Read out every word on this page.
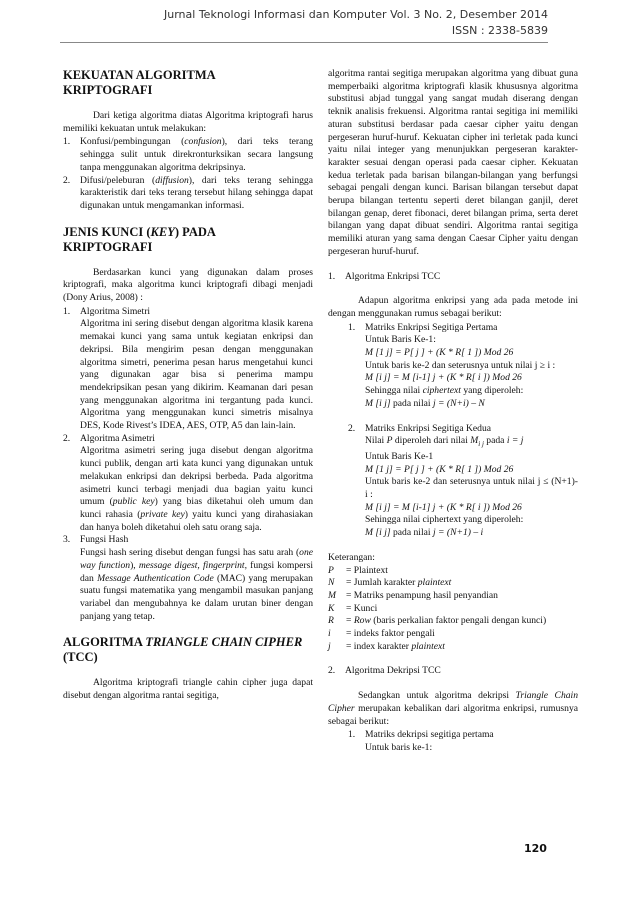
Jurnal Teknologi Informasi dan Komputer Vol. 3 No. 2, Desember 2014
ISSN : 2338-5839
KEKUATAN ALGORITMA
KRIPTOGRAFI

Dari ketiga algoritma diatas Algoritma kriptografi harus memiliki kekuatan untuk melakukan:

1. Konfusi/pembingungan (confusion), dari teks terang sehingga sulit untuk direkronturksikan secara langsung tanpa menggunakan algoritma dekripsinya.
2. Difusi/peleburan (diffusion), dari teks terang sehingga karakteristik dari teks terang tersebut hilang sehingga dapat digunakan untuk mengamankan informasi.
JENIS KUNCI (KEY) PADA
KRIPTOGRAFI

Berdasarkan kunci yang digunakan dalam proses kriptografi, maka algoritma kunci kriptografi dibagi menjadi (Dony Arius, 2008) :

1. Algoritma Simetri
Algoritma ini sering disebut dengan algoritma klasik karena memakai kunci yang sama untuk kegiatan enkripsi dan dekripsi. Bila mengirim pesan dengan menggunakan algoritma simetri, penerima pesan harus mengetahui kunci yang digunakan agar bisa si penerima mampu mendekripsikan pesan yang dikirim. Keamanan dari pesan yang menggunakan algoritma ini tergantung pada kunci. Algoritma yang menggunakan kunci simetris misalnya DES, Kode Rivest’s IDEA, AES, OTP, A5 dan lain-lain.
2. Algoritma Asimetri
Algoritma asimetri sering juga disebut dengan algoritma kunci publik, dengan arti kata kunci yang digunakan untuk melakukan enkripsi dan dekripsi berbeda. Pada algoritma asimetri kunci terbagi menjadi dua bagian yaitu kunci umum (public key) yang bias diketahui oleh umum dan kunci rahasia (private key) yaitu kunci yang dirahasiakan dan hanya boleh diketahui oleh satu orang saja.
3. Fungsi Hash
Fungsi hash sering disebut dengan fungsi has satu arah (one way function), message digest, fingerprint, fungsi kompersi dan Message Authentication Code (MAC) yang merupakan suatu fungsi matematika yang mengambil masukan panjang variabel dan mengubahnya ke dalam urutan biner dengan panjang yang tetap.
ALGORITMA TRIANGLE CHAIN CIPHER (TCC)

Algoritma kriptografi triangle cahin cipher juga dapat disebut dengan algoritma rantai segitiga,

algoritma rantai segitiga merupakan algoritma yang dibuat guna memperbaiki algoritma kriptografi klasik khususnya algoritma substitusi abjad tunggal yang sangat mudah diserang dengan teknik analisis frekuensi. Algoritma rantai segitiga ini memiliki aturan substitusi berdasar pada caesar cipher yaitu dengan pergeseran huruf-huruf. Kekuatan cipher ini terletak pada kunci yaitu nilai integer yang menunjukkan pergeseran karakter-karakter sesuai dengan operasi pada caesar cipher. Kekuatan kedua terletak pada barisan bilangan-bilangan yang berfungsi sebagai pengali dengan kunci. Barisan bilangan tersebut dapat berupa bilangan tertentu seperti deret bilangan ganjil, deret bilangan genap, deret fibonaci, deret bilangan prima, serta deret bilangan yang dapat dibuat sendiri. Algoritma rantai segitiga memiliki aturan yang sama dengan Caesar Cipher yaitu dengan pergeseran huruf-huruf.

1. Algoritma Enkripsi TCC

Adapun algoritma enkripsi yang ada pada metode ini dengan menggunakan rumus sebagai berikut:

1. Matriks Enkripsi Segitiga Pertama
Untuk Baris Ke-1:
M [1 j] = P[ j ] + (K * R[ 1 ]) Mod 26
Untuk baris ke-2 dan seterusnya untuk nilai j ≥ i :
M [i j] = M [i-1] j + (K * R[ i ]) Mod 26
Sehingga nilai ciphertext yang diperoleh:
M [i j] pada nilai j = (N+i) – N
2. Matriks Enkripsi Segitiga Kedua
Nilai P diperoleh dari nilai $M_{i j}$ pada i = j
Untuk Baris Ke-1
M [1 j] = P[ j ] + (K * R[ 1 ]) Mod 26
Untuk baris ke-2 dan seterusnya untuk nilai j ≤ (N+1)- i :
M [i j] = M [i-1] j + (K * R[ i ]) Mod 26
Sehingga nilai ciphertext yang diperoleh:
M [i j] pada nilai j = (N+1) – i
Keterangan:
P = Plaintext
N = Jumlah karakter plaintext
M = Matriks penampung hasil penyandian
K = Kunci
R = Row (baris perkalian faktor pengali dengan kunci)
i = indeks faktor pengali
j = index karakter plaintext
2. Algoritma Dekripsi TCC

Sedangkan untuk algoritma dekripsi Triangle Chain Cipher merupakan kebalikan dari algoritma enkripsi, rumusnya sebagai berikut:

1. Matriks dekripsi segitiga pertama
Untuk baris ke-1:
120
